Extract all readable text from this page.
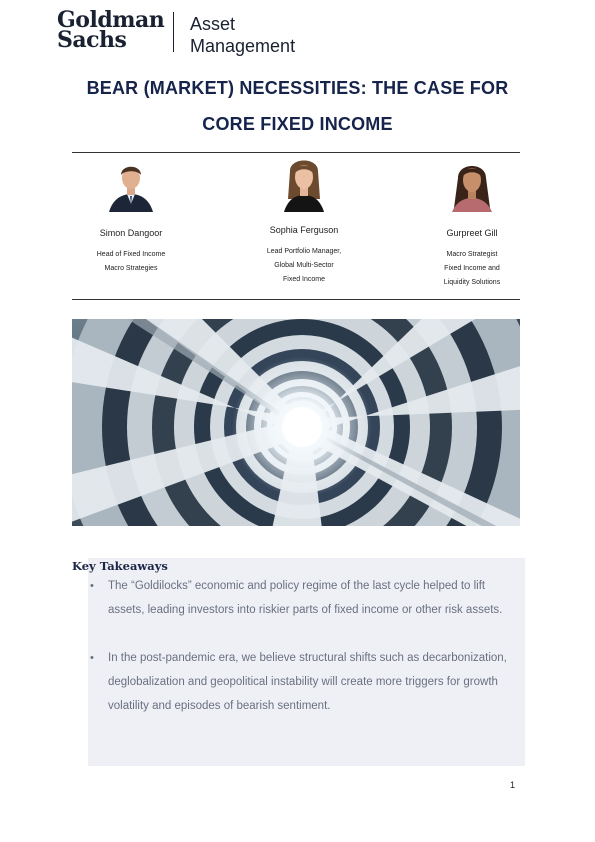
Goldman
Sachs
Asset
Management
BEAR (MARKET) NECESSITIES: THE CASE FOR
CORE FIXED INCOME
Simon Dangoor
Head of Fixed Income
Macro Strategies
Sophia Ferguson
Lead Portfolio Manager,
Global Multi-Sector
Fixed Income
Gurpreet Gill
Macro Strategist
Fixed Income and
Liquidity Solutions
Key Takeaways
• The “Goldilocks” economic and policy regime of the last cycle helped to lift assets, leading investors into riskier parts of fixed income or other risk assets.
• In the post-pandemic era, we believe structural shifts such as decarbonization, deglobalization and geopolitical instability will create more triggers for growth volatility and episodes of bearish sentiment.
1
